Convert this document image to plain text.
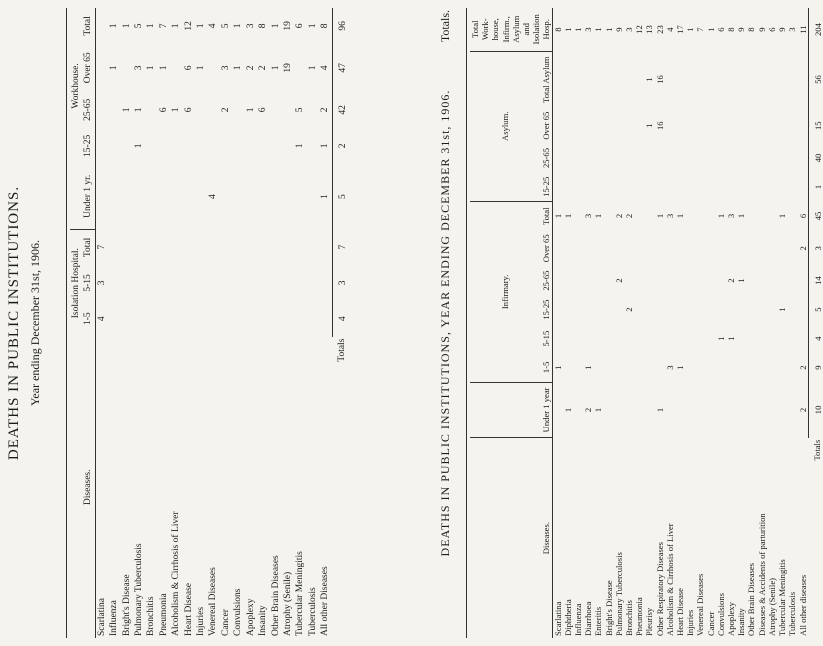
DEATHS IN PUBLIC INSTITUTIONS. Year ending December 31st, 1906.
Diseases.	Isolation Hospital.			Under 1 yr.	Workhouse.			
	1-5	5-15	Total		15-25	25-65	Over 65	Total
Scarlatina	4	3	7					
Influenza							1	1
Bright's Disease						1		1
Pulmonary Tuberculosis					1	1	3	5
Bronchitis							1	1
Pneumonia						6	1	7
Alcoholism & Cirrhosis of Liver						1		1
Heart Disease						6	6	12
Injuries							1	1
Venereal Diseases				4				4
Cancer						2	3	5
Convulsions							1	1
Apoplexy						1	2	3
Insanity						6	2	8
Other Brain Diseases							1	1
Atrophy (Senile)							19	19
Tubercular Meningitis					1	5		6
Tuberculosis							1	1
All other Diseases				1	1	2	4	8
Totals	4	3	7	5	2	42	47	96
DEATHS IN PUBLIC INSTITUTIONS, YEAR ENDING DECEMBER 31st, 1906.
Totals.
Diseases.	Under 1 year	Infirmary.						Asylum.				Total Work-house, Infirm., Asylum and Isolation Hosp.
		1-5	5-15	15-25	25-65	Over 65	Total	15-25	25-65	Over 65	Total Asylum	
Scarlatina		1					1					8
Diphtheria	1						1					1
Influenza												1
Diarrhoea	2	1					3					3
Enteritis	1						1					1
Bright's Disease												1
Pulmonary Tuberculosis					2		2					9
Bronchitis				2			2					3
Pneumonia												12
Pleurisy										1	1	13
Other Respiratory Diseases	1						1			16	16	23
Alcoholism & Cirrhosis of Liver		3					3					4
Heart Disease		1					1					17
Injuries												1
Venereal Diseases												7
Cancer												1
Convulsions			1				1					6
Apoplexy			1		2		3					8
Insanity					1		1					9
Other Brain Diseases												8
Diseases & Accidents of parturition												9
Atrophy (Senile)												6
Tubercular Meningitis				1			1					9
Tuberculosis												3
All other diseases	2	2				2	6					11
Totals	10	9	4	5	14	3	45	1	40	15	56	204
